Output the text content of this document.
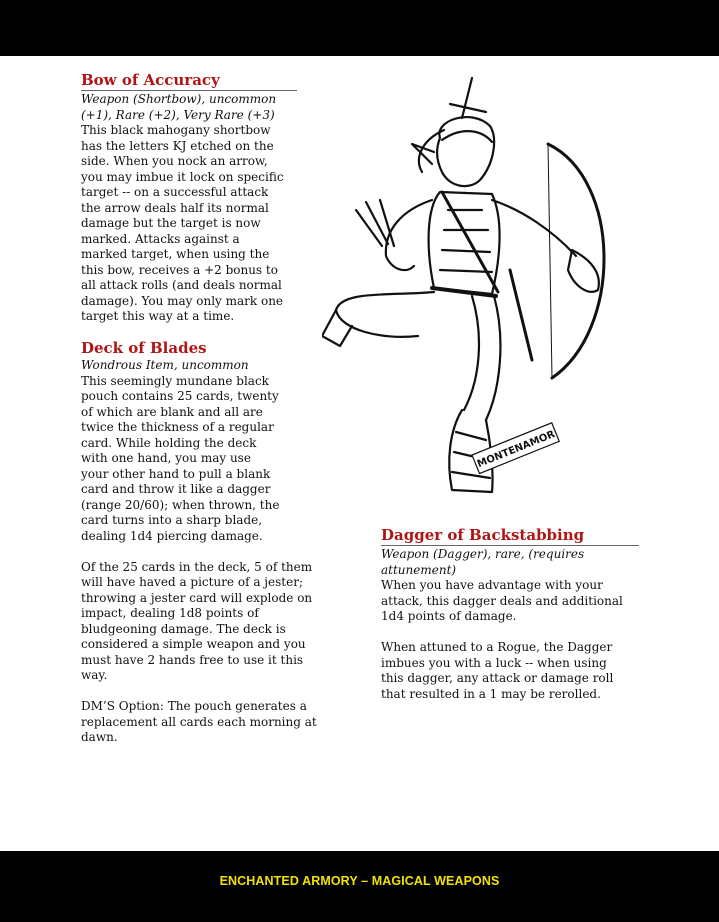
Bow of Accuracy

Weapon (Shortbow), uncommon

(+1), Rare (+2), Very Rare (+3)

This black mahogany shortbow

has the letters KJ etched on the

side. When you nock an arrow,

you may imbue it lock on specific

target -- on a successful attack

the arrow deals half its normal

damage but the target is now

marked. Attacks against a

marked target, when using the

this bow, receives a +2 bonus to

all attack rolls (and deals normal

damage). You may only mark one

target this way at a time.

Deck of Blades

Wondrous Item, uncommon

This seemingly mundane black

pouch contains 25 cards, twenty

of which are blank and all are

twice the thickness of a regular

card. While holding the deck

with one hand, you may use

your other hand to pull a blank

card and throw it like a dagger

(range 20/60); when thrown, the

card turns into a sharp blade,

dealing 1d4 piercing damage.

Of the 25 cards in the deck, 5 of them

will have haved a picture of a jester;

throwing a jester card will explode on

impact, dealing 1d8 points of

bludgeoning damage. The deck is

considered a simple weapon and you

must have 2 hands free to use it this

way.

DM’S Option: The pouch generates a

replacement all cards each morning at

dawn.

MONTENAMOR
Dagger of Backstabbing

Weapon (Dagger), rare, (requires

attunement)

When you have advantage with your

attack, this dagger deals and additional

1d4 points of damage.

When attuned to a Rogue, the Dagger

imbues you with a luck -- when using

this dagger, any attack or damage roll

that resulted in a 1 may be rerolled.

ENCHANTED ARMORY – MAGICAL WEAPONS
